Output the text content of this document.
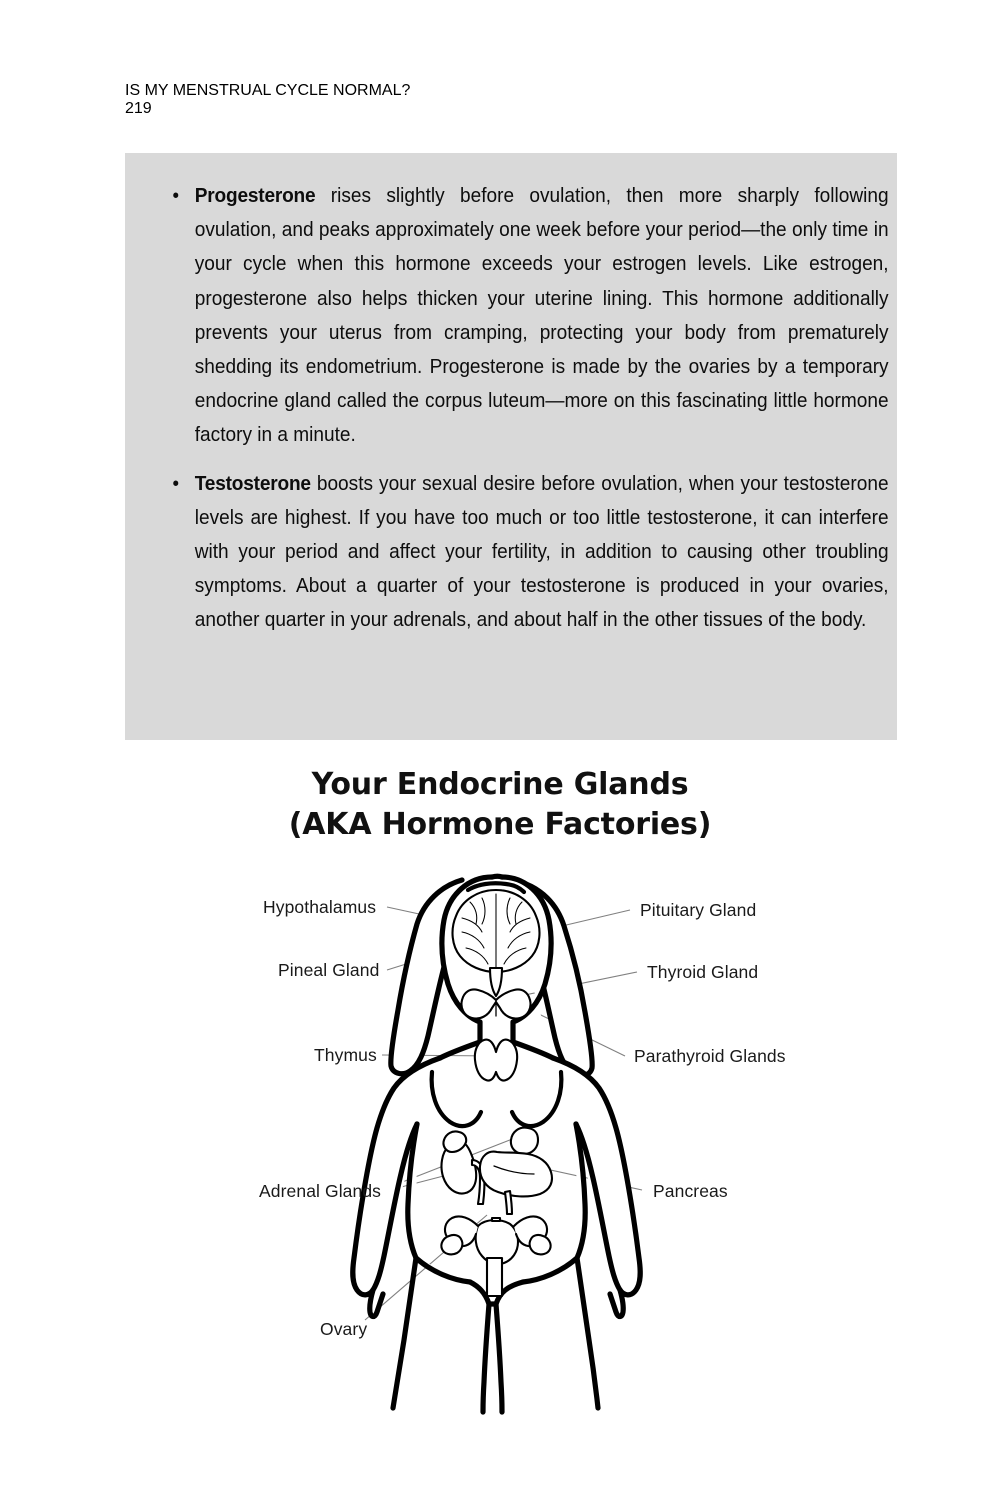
IS MY MENSTRUAL CYCLE NORMAL?
219
• Progesterone rises slightly before ovulation, then more sharply following ovulation, and peaks approximately one week before your period—the only time in your cycle when this hormone exceeds your estrogen levels. Like estrogen, progesterone also helps thicken your uterine lining. This hormone additionally prevents your uterus from cramping, protecting your body from prematurely shedding its endometrium. Progesterone is made by the ovaries by a temporary endocrine gland called the corpus luteum—more on this fascinating little hormone factory in a minute.
• Testosterone boosts your sexual desire before ovulation, when your testosterone levels are highest. If you have too much or too little testosterone, it can interfere with your period and affect your fertility, in addition to causing other troubling symptoms. About a quarter of your testosterone is produced in your ovaries, another quarter in your adrenals, and about half in the other tissues of the body.
Your Endocrine Glands
(AKA Hormone Factories)
Hypothalamus
Pineal Gland
Pituitary Gland
Thyroid Gland
Thymus	Parathyroid Glands
Adrenal Glands	Pancreas
Ovary
